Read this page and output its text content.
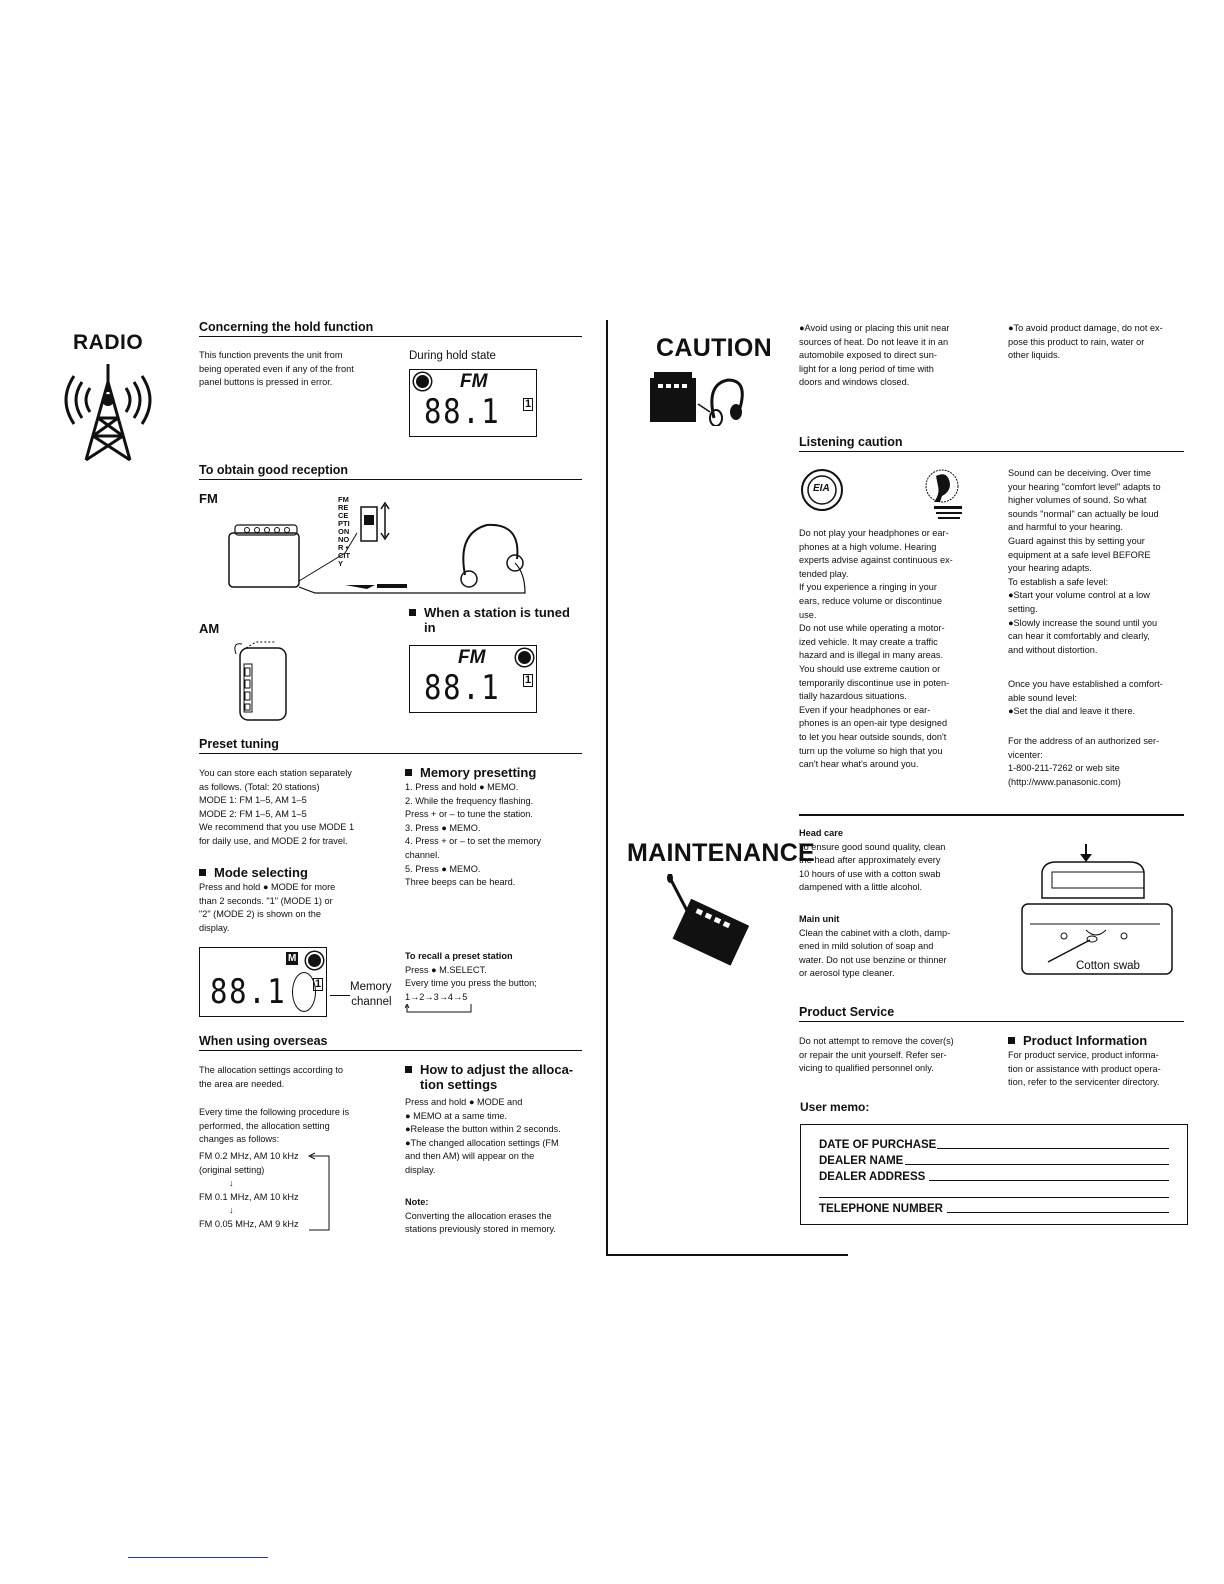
RADIO
Concerning the hold function

This function prevents the unit from

being operated even if any of the front

panel buttons is pressed in error.

During hold state
FM
88.1 1
To obtain good reception
FM	FM RECEPTION NOR • CITY
When a station is tuned
in
AM
FM
88.1 1
Preset tuning

You can store each station separately

as follows. (Total: 20 stations)

MODE 1: FM 1–5, AM 1–5

MODE 2: FM 1–5, AM 1–5

We recommend that you use MODE 1

for daily use, and MODE 2 for travel.

Mode selecting

Press and hold ● MODE for more

than 2 seconds. "1" (MODE 1) or

"2" (MODE 2) is shown on the

display.

Memory presetting

1. Press and hold ● MEMO.

2. While the frequency flashing.

Press + or – to tune the station.

3. Press ● MEMO.

4. Press + or – to set the memory

channel.

5. Press ● MEMO.

Three beeps can be heard.

M
88.1	1	Memory
channel

To recall a preset station

Press ● M.SELECT.

Every time you press the button;

1→2→3→4→5

When using overseas

The allocation settings according to

the area are needed.

Every time the following procedure is

performed, the allocation setting

changes as follows:

FM 0.2 MHz, AM 10 kHz

(original setting)

↓

FM 0.1 MHz, AM 10 kHz

↓

FM 0.05 MHz, AM 9 kHz

How to adjust the alloca-
tion settings

Press and hold ● MODE and

● MEMO at a same time.

●Release the button within 2 seconds.

●The changed allocation settings (FM

and then AM) will appear on the

display.

Note:

Converting the allocation erases the

stations previously stored in memory.

CAUTION

●Avoid using or placing this unit near

sources of heat. Do not leave it in an

automobile exposed to direct sun-

light for a long period of time with

doors and windows closed.

●To avoid product damage, do not ex-

pose this product to rain, water or

other liquids.

Listening caution
EIA

Do not play your headphones or ear-

phones at a high volume. Hearing

experts advise against continuous ex-

tended play.

If you experience a ringing in your

ears, reduce volume or discontinue

use.

Do not use while operating a motor-

ized vehicle. It may create a traffic

hazard and is illegal in many areas.

You should use extreme caution or

temporarily discontinue use in poten-

tially hazardous situations.

Even if your headphones or ear-

phones is an open-air type designed

to let you hear outside sounds, don't

turn up the volume so high that you

can't hear what's around you.

Sound can be deceiving. Over time

your hearing "comfort level" adapts to

higher volumes of sound. So what

sounds "normal" can actually be loud

and harmful to your hearing.

Guard against this by setting your

equipment at a safe level BEFORE

your hearing adapts.

To establish a safe level:

●Start your volume control at a low

setting.

●Slowly increase the sound until you

can hear it comfortably and clearly,

and without distortion.

Once you have established a comfort-

able sound level:

●Set the dial and leave it there.

For the address of an authorized ser-

vicenter:

1-800-211-7262 or web site

(http://www.panasonic.com)

MAINTENANCE

Head care

To ensure good sound quality, clean

the head after approximately every

10 hours of use with a cotton swab

dampened with a little alcohol.

Main unit

Clean the cabinet with a cloth, damp-

ened in mild solution of soap and

water. Do not use benzine or thinner

or aerosol type cleaner.

Cotton swab
Product Service

Do not attempt to remove the cover(s)

or repair the unit yourself. Refer ser-

vicing to qualified personnel only.

Product Information

For product service, product informa-

tion or assistance with product opera-

tion, refer to the servicenter directory.

User memo:
DATE OF PURCHASE
DEALER NAME
DEALER ADDRESS
TELEPHONE NUMBER
